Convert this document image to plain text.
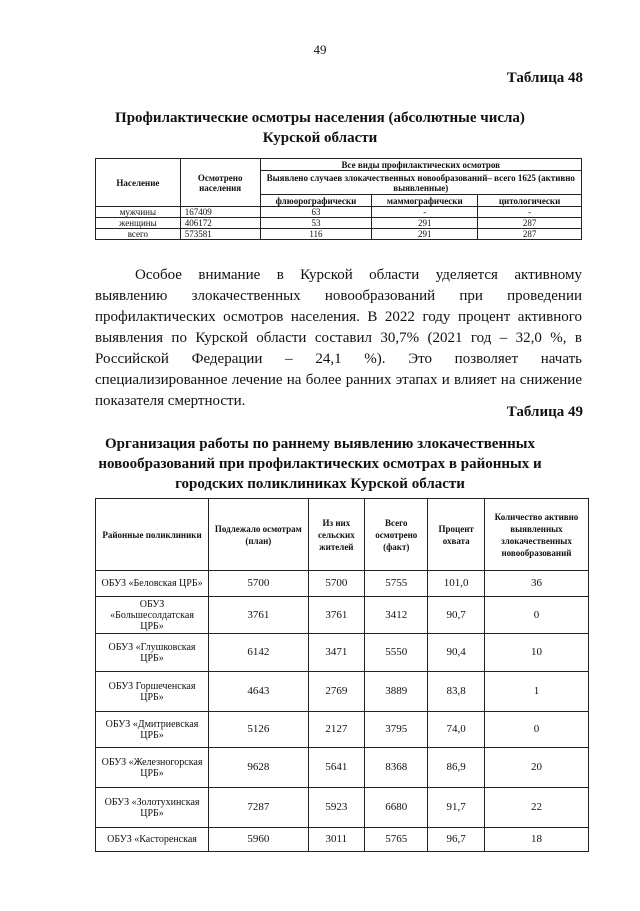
49
Таблица 48
Профилактические осмотры населения (абсолютные числа)
Курской области
Население	Осмотрено населения	Все виды профилактических осмотров		
		Выявлено случаев злокачественных новообразований– всего 1625 (активно выявленные)		
		флюорографически	маммографически	цитологически
мужчины	167409	63	-	-
женщины	406172	53	291	287
всего	573581	116	291	287
Особое внимание в Курской области уделяется активному выявлению злокачественных новообразований при проведении профилактических осмотров населения. В 2022 году процент активного выявления по Курской области составил 30,7% (2021 год – 32,0 %, в Российской Федерации – 24,1 %). Это позволяет начать специализированное лечение на более ранних этапах и влияет на снижение показателя смертности.
Таблица 49
Организация работы по раннему выявлению злокачественных
новообразований при профилактических осмотрах в районных и
городских поликлиниках Курской области
Районные поликлиники	Подлежало осмотрам (план)	Из них сельских жителей	Всего осмотрено (факт)	Процент охвата	Количество активно выявленных злокачественных новообразований
ОБУЗ «Беловская ЦРБ»	5700	5700	5755	101,0	36
ОБУЗ «Большесолдатская ЦРБ»	3761	3761	3412	90,7	0
ОБУЗ «Глушковская ЦРБ»	6142	3471	5550	90,4	10
ОБУЗ Горшеченская ЦРБ»	4643	2769	3889	83,8	1
ОБУЗ «Дмитриевская ЦРБ»	5126	2127	3795	74,0	0
ОБУЗ «Железногорская ЦРБ»	9628	5641	8368	86,9	20
ОБУЗ «Золотухинская ЦРБ»	7287	5923	6680	91,7	22
ОБУЗ «Касторенская	5960	3011	5765	96,7	18
